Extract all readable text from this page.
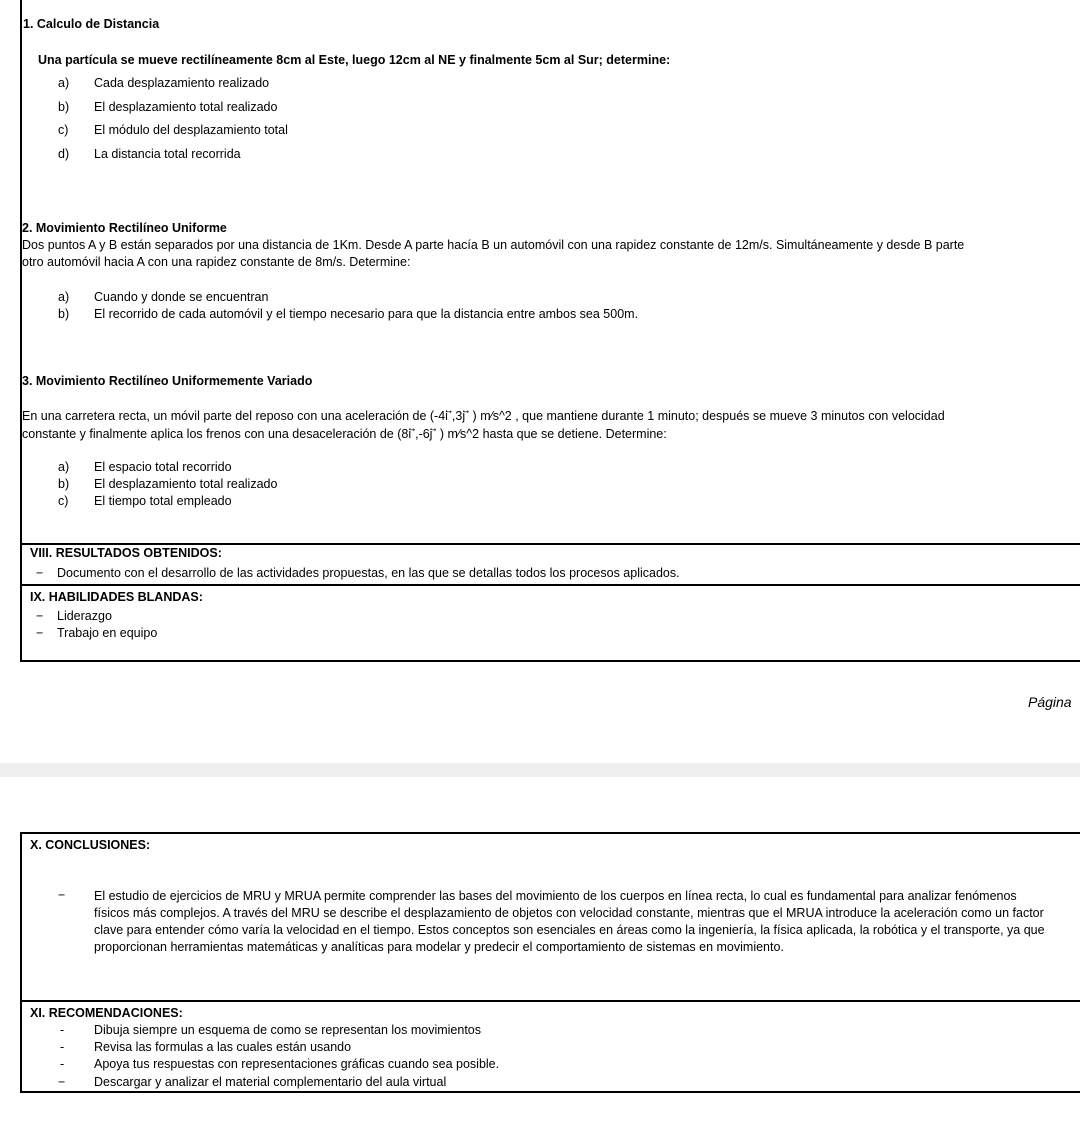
1. Calculo de Distancia
Una partícula se mueve rectilíneamente 8cm al Este, luego 12cm al NE y finalmente 5cm al Sur; determine:
a) Cada desplazamiento realizado
b) El desplazamiento total realizado
c) El módulo del desplazamiento total
d) La distancia total recorrida
2. Movimiento Rectilíneo Uniforme
Dos puntos A y B están separados por una distancia de 1Km. Desde A parte hacía B un automóvil con una rapidez constante de 12m/s. Simultáneamente y desde B parte
otro automóvil hacia A con una rapidez constante de 8m/s. Determine:
a) Cuando y donde se encuentran
b) El recorrido de cada automóvil y el tiempo necesario para que la distancia entre ambos sea 500m.
3. Movimiento Rectilíneo Uniformemente Variado
En una carretera recta, un móvil parte del reposo con una aceleración de (-4i ⃗,3j ⃗ ) m⁄s^2 , que mantiene durante 1 minuto; después se mueve 3 minutos con velocidad
constante y finalmente aplica los frenos con una desaceleración de (8i ⃗,-6j ⃗ ) m⁄s^2 hasta que se detiene. Determine:
a) El espacio total recorrido
b) El desplazamiento total realizado
c) El tiempo total empleado
VIII. RESULTADOS OBTENIDOS:
− Documento con el desarrollo de las actividades propuestas, en las que se detallas todos los procesos aplicados.
IX. HABILIDADES BLANDAS:
− Liderazgo
− Trabajo en equipo
Página
X. CONCLUSIONES:
− El estudio de ejercicios de MRU y MRUA permite comprender las bases del movimiento de los cuerpos en línea recta, lo cual es fundamental para analizar fenómenos físicos más complejos. A través del MRU se describe el desplazamiento de objetos con velocidad constante, mientras que el MRUA introduce la aceleración como un factor clave para entender cómo varía la velocidad en el tiempo. Estos conceptos son esenciales en áreas como la ingeniería, la física aplicada, la robótica y el transporte, ya que proporcionan herramientas matemáticas y analíticas para modelar y predecir el comportamiento de sistemas en movimiento.
XI. RECOMENDACIONES:
- Dibuja siempre un esquema de como se representan los movimientos
- Revisa las formulas a las cuales están usando
- Apoya tus respuestas con representaciones gráficas cuando sea posible.
− Descargar y analizar el material complementario del aula virtual
